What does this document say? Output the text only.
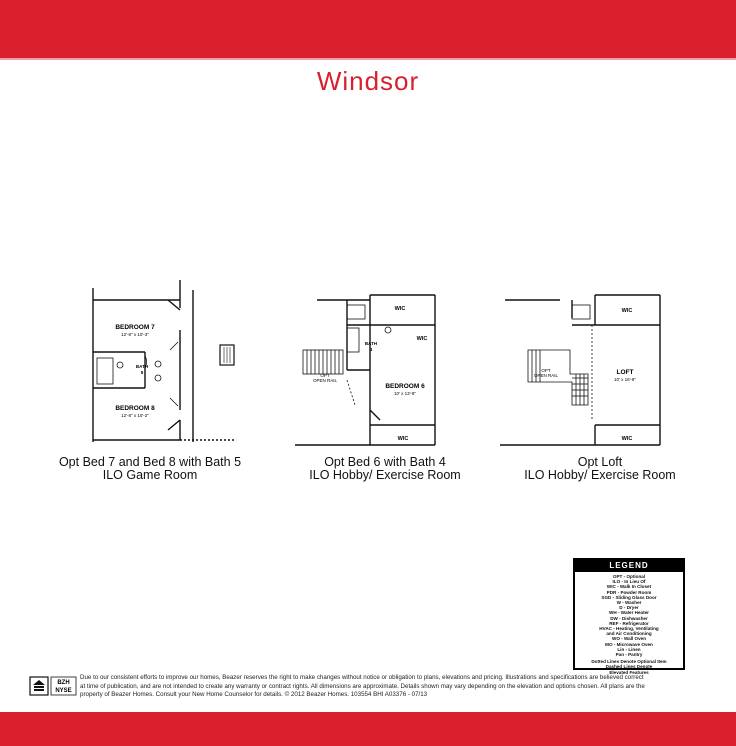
Windsor
BEDROOM 7
12'-8" x 10'-3"
BATH
5
BEDROOM 8
12'-8" x 10'-2"
WIC
WIC
WIC
BATH
4
OPT
OPEN RAIL
BEDROOM 6
10' x 13'-8"
WIC
WIC
OPT
OPEN RAIL	LOFT
10' x 16'-8"
Opt Bed 7 and Bed 8 with Bath 5
ILO Game Room
Opt Bed 6 with Bath 4
ILO Hobby/ Exercise Room
Opt Loft
ILO Hobby/ Exercise Room
LEGEND
OPT - Optional
ILO - In Lieu Of
WIC - Walk In Closet
PDR - Powder Room
SGD - Sliding Glass Door
W - Washer
D - Dryer
WH - Water Heater
DW - Dishwasher
REF - Refrigerator
HVAC - Heating, Ventilating
and Air Conditioning
WO - Wall Oven
MO - Microwave Oven
Lin - Linen
Pan - Pantry
Dotted Lines Denote Optional Item
Dashed Lines Denote
Elevated Features
BZH
NYSE
Due to our consistent efforts to improve our homes, Beazer reserves the right to make changes without notice or obligation to plans, elevations and pricing. Illustrations and specifications are believed correct at time of publication, and are not intended to create any warranty or contract rights. All dimensions are approximate. Details shown may vary depending on the elevation and options chosen. All plans are the property of Beazer Homes. Consult your New Home Counselor for details. © 2012 Beazer Homes. 103554 BHI A03376 - 07/13
